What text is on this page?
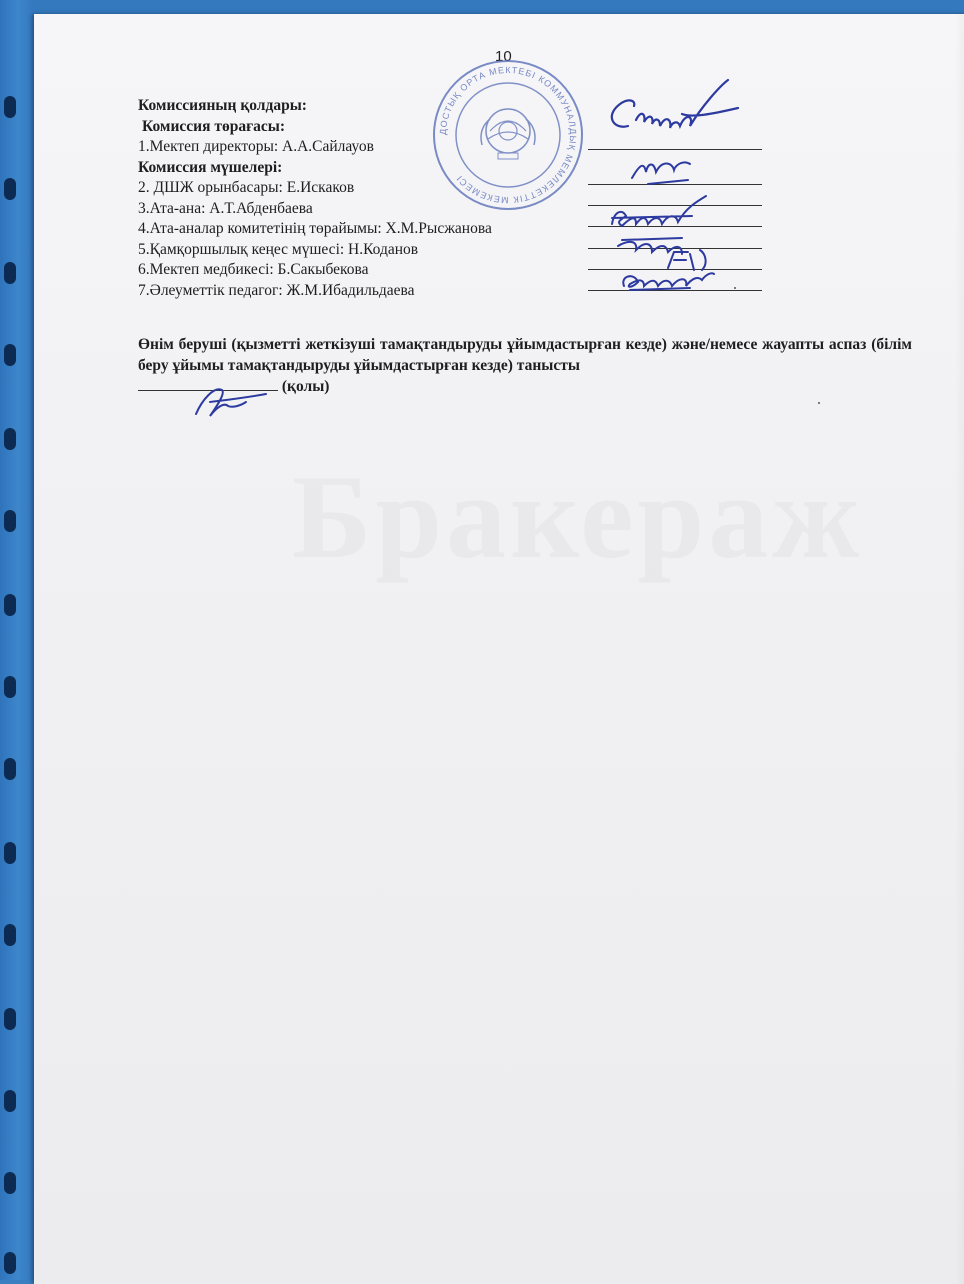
Бракераж
10
ДОСТЫҚ ОРТА МЕКТЕБІ КОММУНАЛДЫҚ МЕМЛЕКЕТТІК МЕКЕМЕСІ
Комиссияның қолдары:
Комиссия төрағасы:
1.Мектеп директоры: А.А.Сайлауов
Комиссия мүшелері:
2. ДШЖ орынбасары: Е.Искаков
3.Ата-ана: А.Т.Абденбаева
4.Ата-аналар комитетінің төрайымы: Х.М.Рысжанова
5.Қамқоршылық кеңес мүшесі: Н.Коданов
6.Мектеп медбикесі: Б.Сакыбекова
7.Әлеуметтік педагог: Ж.М.Ибадильдаева
Өнім беруші (қызметті жеткізуші тамақтандыруды ұйымдастырған кезде) және/немесе жауапты аспаз (білім беру ұйымы тамақтандыруды ұйымдастырған кезде) танысты
(қолы)
